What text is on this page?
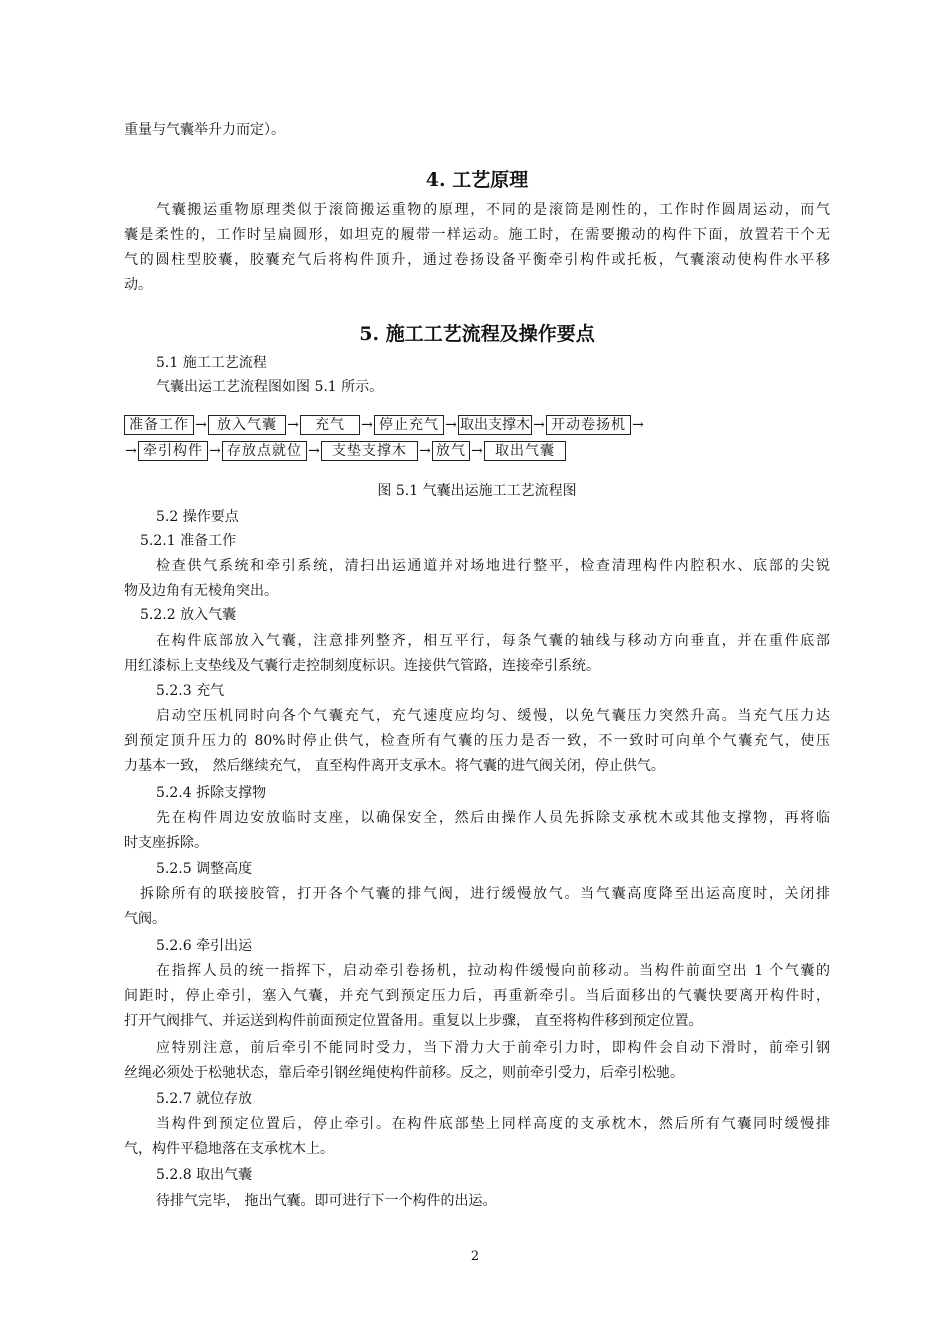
重量与气囊举升力而定）。
4. 工艺原理
气囊搬运重物原理类似于滚筒搬运重物的原理，不同的是滚筒是刚性的，工作时作圆周运动，而气
囊是柔性的，工作时呈扁圆形，如坦克的履带一样运动。施工时，在需要搬动的构件下面，放置若干个无
气的圆柱型胶囊，胶囊充气后将构件顶升，通过卷扬设备平衡牵引构件或托板，气囊滚动使构件水平移
动。
5. 施工工艺流程及操作要点
5.1 施工工艺流程
气囊出运工艺流程图如图 5.1 所示。
准备工作 → 放入气囊 →	充气	→ 停止充气 → 取出支撑木 → 开动卷扬机 →
→ 牵引构件 → 存放点就位 → 支垫支撑木 → 放气 → 取出气囊
图 5.1 气囊出运施工工艺流程图
5.2 操作要点
5.2.1 准备工作
检查供气系统和牵引系统，清扫出运通道并对场地进行整平，检查清理构件内腔积水、底部的尖锐
物及边角有无棱角突出。
5.2.2 放入气囊
在构件底部放入气囊，注意排列整齐，相互平行，每条气囊的轴线与移动方向垂直，并在重件底部
用红漆标上支垫线及气囊行走控制刻度标识。连接供气管路，连接牵引系统。
5.2.3 充气
启动空压机同时向各个气囊充气，充气速度应均匀、缓慢，以免气囊压力突然升高。当充气压力达
到预定顶升压力的 80%时停止供气，检查所有气囊的压力是否一致，不一致时可向单个气囊充气，使压
力基本一致， 然后继续充气， 直至构件离开支承木。将气囊的进气阀关闭，停止供气。
5.2.4 拆除支撑物
先在构件周边安放临时支座，以确保安全，然后由操作人员先拆除支承枕木或其他支撑物，再将临
时支座拆除。
5.2.5 调整高度
拆除所有的联接胶管，打开各个气囊的排气阀，进行缓慢放气。当气囊高度降至出运高度时，关闭排
气阀。
5.2.6 牵引出运
在指挥人员的统一指挥下，启动牵引卷扬机，拉动构件缓慢向前移动。当构件前面空出 1 个气囊的
间距时，停止牵引，塞入气囊，并充气到预定压力后，再重新牵引。当后面移出的气囊快要离开构件时，
打开气阀排气、并运送到构件前面预定位置备用。重复以上步骤， 直至将构件移到预定位置。
应特别注意，前后牵引不能同时受力，当下滑力大于前牵引力时，即构件会自动下滑时，前牵引钢
丝绳必须处于松驰状态，靠后牵引钢丝绳使构件前移。反之，则前牵引受力，后牵引松驰。
5.2.7 就位存放
当构件到预定位置后，停止牵引。在构件底部垫上同样高度的支承枕木，然后所有气囊同时缓慢排
气，构件平稳地落在支承枕木上。
5.2.8 取出气囊
待排气完毕， 拖出气囊。即可进行下一个构件的出运。
2
